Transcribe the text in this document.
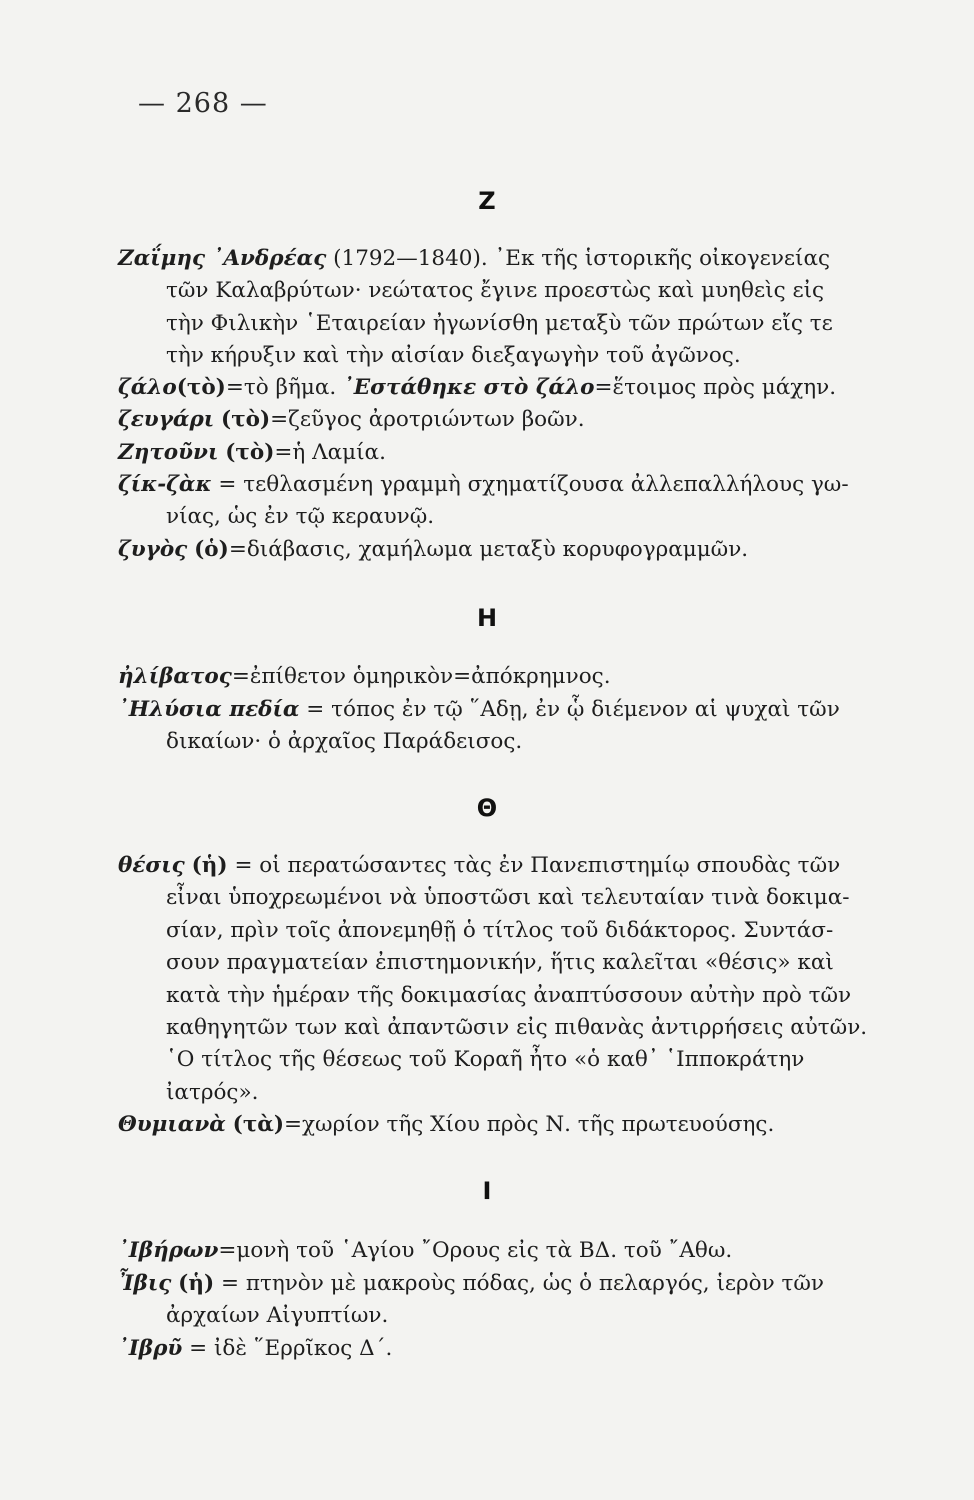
— 268 —
Ζ
Ζαΐμης ᾿Ανδρέας (1792—1840). ᾿Εκ τῆς ἱστορικῆς οἰκογενείας
τῶν Καλαβρύτων· νεώτατος ἔγινε προεστὼς καὶ μυηθεὶς εἰς
τὴν Φιλικὴν ῾Εταιρείαν ἠγωνίσθη μεταξὺ τῶν πρώτων εἴς τε
τὴν κήρυξιν καὶ τὴν αἰσίαν διεξαγωγὴν τοῦ ἀγῶνος.
ζάλο(τὸ)=τὸ βῆμα. ᾿Εστάθηκε στὸ ζάλο=ἕτοιμος πρὸς μάχην.
ζευγάρι (τὸ)=ζεῦγος ἀροτριώντων βοῶν.
Ζητοῦνι (τὸ)=ἡ Λαμία.
ζίκ-ζὰκ = τεθλασμένη γραμμὴ σχηματίζουσα ἀλλεπαλλήλους γω-
νίας, ὡς ἐν τῷ κεραυνῷ.
ζυγὸς (ὁ)=διάβασις, χαμήλωμα μεταξὺ κορυφογραμμῶν.
Η
ἠλίβατος=ἐπίθετον ὁμηρικὸν=ἀπόκρημνος.
᾿Ηλύσια πεδία = τόπος ἐν τῷ ῞Αδῃ, ἐν ᾧ διέμενον αἱ ψυχαὶ τῶν
δικαίων· ὁ ἀρχαῖος Παράδεισος.
Θ
θέσις (ἡ) = οἱ περατώσαντες τὰς ἐν Πανεπιστημίῳ σπουδὰς τῶν
εἶναι ὑποχρεωμένοι νὰ ὑποστῶσι καὶ τελευταίαν τινὰ δοκιμα-
σίαν, πρὶν τοῖς ἀπονεμηθῇ ὁ τίτλος τοῦ διδάκτορος. Συντάσ-
σουν πραγματείαν ἐπιστημονικήν, ἥτις καλεῖται «θέσις» καὶ
κατὰ τὴν ἡμέραν τῆς δοκιμασίας ἀναπτύσσουν αὐτὴν πρὸ τῶν
καθηγητῶν των καὶ ἀπαντῶσιν εἰς πιθανὰς ἀντιρρήσεις αὐτῶν.
῾Ο τίτλος τῆς θέσεως τοῦ Κοραῆ ἦτο «ὁ καθ᾿ ῾Ιπποκράτην
ἰατρός».
Θυμιανὰ (τὰ)=χωρίον τῆς Χίου πρὸς Ν. τῆς πρωτευούσης.
Ι
᾿Ιβήρων=μονὴ τοῦ ῾Αγίου ῎Ορους εἰς τὰ ΒΔ. τοῦ ῎Αθω.
Ἶβις (ἡ) = πτηνὸν μὲ μακροὺς πόδας, ὡς ὁ πελαργός, ἱερὸν τῶν
ἀρχαίων Αἰγυπτίων.
᾿Ιβρῦ = ἰδὲ ῞Ερρῖκος Δ΄.
